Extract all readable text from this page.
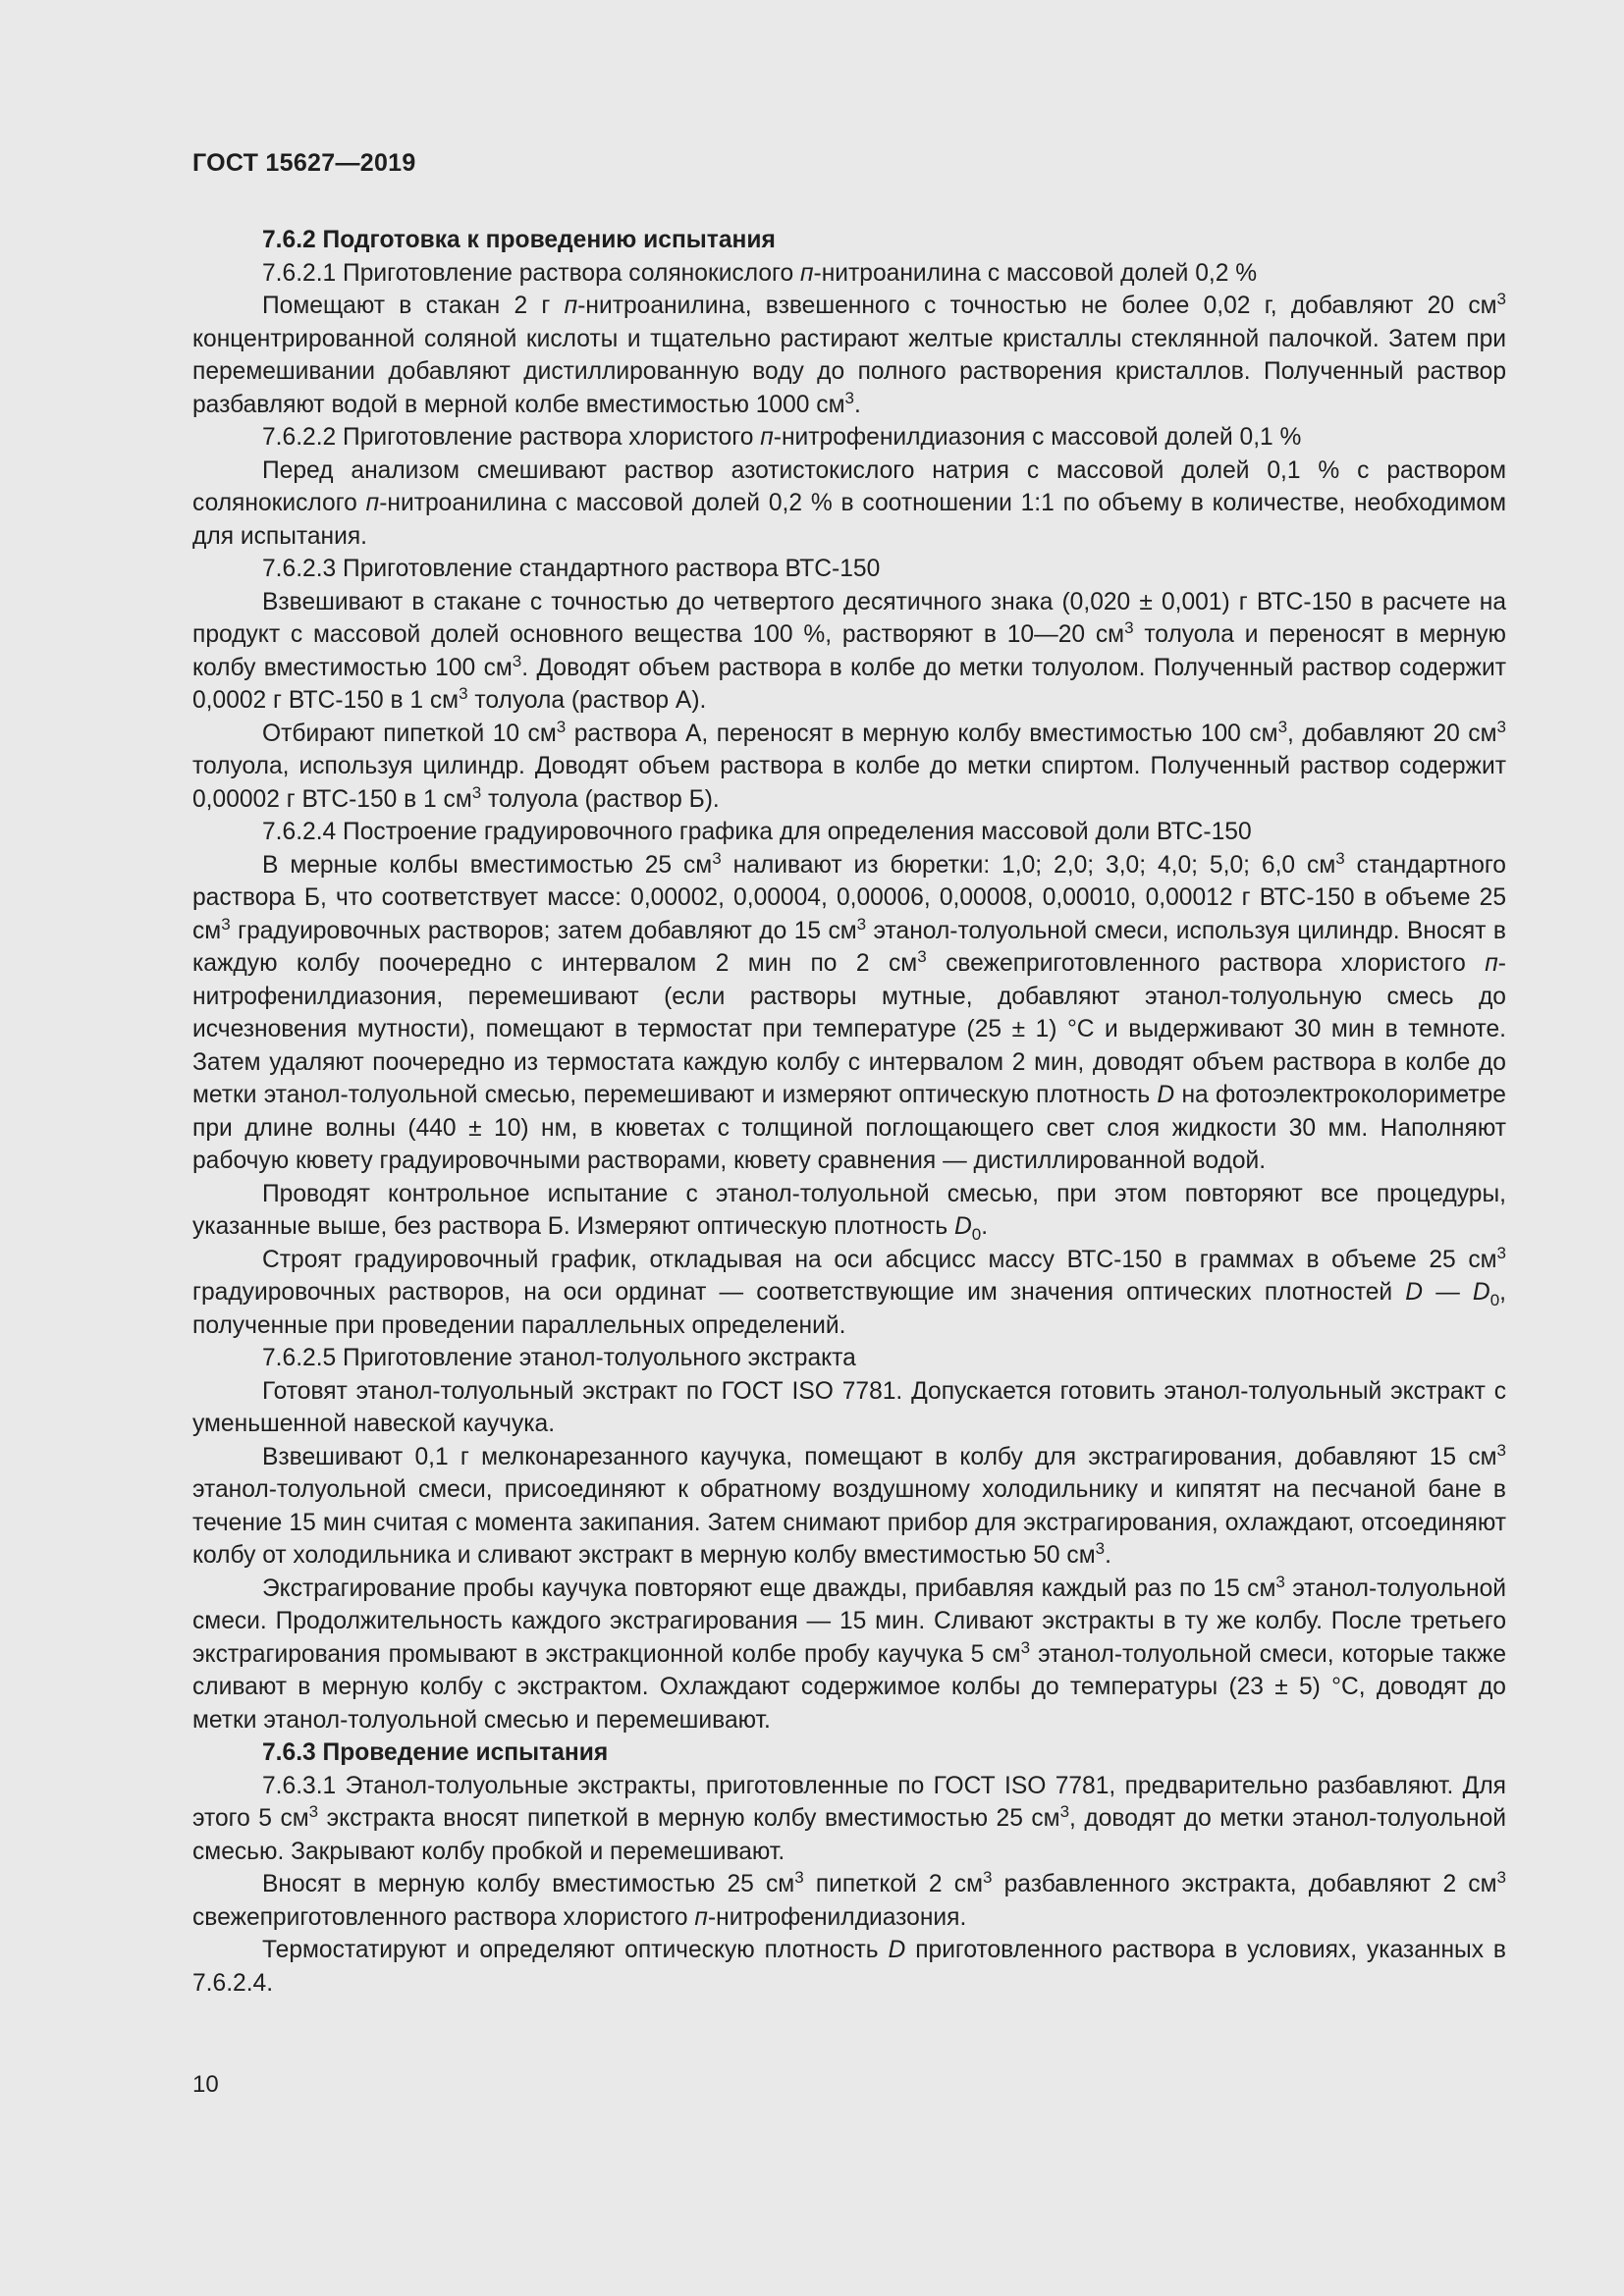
ГОСТ 15627—2019

7.6.2 Подготовка к проведению испытания

7.6.2.1 Приготовление раствора солянокислого п-нитроанилина с массовой долей 0,2 %

Помещают в стакан 2 г п-нитроанилина, взвешенного с точностью не более 0,02 г, добавляют 20 $см^3$ концентрированной соляной кислоты и тщательно растирают желтые кристаллы стеклянной палочкой. Затем при перемешивании добавляют дистиллированную воду до полного растворения кристаллов. Полученный раствор разбавляют водой в мерной колбе вместимостью 1000 $см^3$.

7.6.2.2 Приготовление раствора хлористого п-нитрофенилдиазония с массовой долей 0,1 %

Перед анализом смешивают раствор азотистокислого натрия с массовой долей 0,1 % с раствором солянокислого п-нитроанилина с массовой долей 0,2 % в соотношении 1:1 по объему в количестве, необходимом для испытания.

7.6.2.3 Приготовление стандартного раствора ВТС-150

Взвешивают в стакане с точностью до четвертого десятичного знака (0,020 ± 0,001) г ВТС-150 в расчете на продукт с массовой долей основного вещества 100 %, растворяют в 10—20 $см^3$ толуола и переносят в мерную колбу вместимостью 100 $см^3$. Доводят объем раствора в колбе до метки толуолом. Полученный раствор содержит 0,0002 г ВТС-150 в 1 $см^3$ толуола (раствор А).

Отбирают пипеткой 10 $см^3$ раствора А, переносят в мерную колбу вместимостью 100 $см^3$, добавляют 20 $см^3$ толуола, используя цилиндр. Доводят объем раствора в колбе до метки спиртом. Полученный раствор содержит 0,00002 г ВТС-150 в 1 $см^3$ толуола (раствор Б).

7.6.2.4 Построение градуировочного графика для определения массовой доли ВТС-150

В мерные колбы вместимостью 25 $см^3$ наливают из бюретки: 1,0; 2,0; 3,0; 4,0; 5,0; 6,0 $см^3$ стандартного раствора Б, что соответствует массе: 0,00002, 0,00004, 0,00006, 0,00008, 0,00010, 0,00012 г ВТС-150 в объеме 25 $см^3$ градуировочных растворов; затем добавляют до 15 $см^3$ этанол-толуольной смеси, используя цилиндр. Вносят в каждую колбу поочередно с интервалом 2 мин по 2 $см^3$ свежеприготовленного раствора хлористого п-нитрофенилдиазония, перемешивают (если растворы мутные, добавляют этанол-толуольную смесь до исчезновения мутности), помещают в термостат при температуре (25 ± 1) °С и выдерживают 30 мин в темноте. Затем удаляют поочередно из термостата каждую колбу с интервалом 2 мин, доводят объем раствора в колбе до метки этанол-толуольной смесью, перемешивают и измеряют оптическую плотность D на фотоэлектроколориметре при длине волны (440 ± 10) нм, в кюветах с толщиной поглощающего свет слоя жидкости 30 мм. Наполняют рабочую кювету градуировочными растворами, кювету сравнения — дистиллированной водой.

Проводят контрольное испытание с этанол-толуольной смесью, при этом повторяют все процедуры, указанные выше, без раствора Б. Измеряют оптическую плотность $D_0$.

Строят градуировочный график, откладывая на оси абсцисс массу ВТС-150 в граммах в объеме 25 $см^3$ градуировочных растворов, на оси ординат — соответствующие им значения оптических плотностей D — $D_0$, полученные при проведении параллельных определений.

7.6.2.5 Приготовление этанол-толуольного экстракта

Готовят этанол-толуольный экстракт по ГОСТ ISO 7781. Допускается готовить этанол-толуольный экстракт с уменьшенной навеской каучука.

Взвешивают 0,1 г мелконарезанного каучука, помещают в колбу для экстрагирования, добавляют 15 $см^3$ этанол-толуольной смеси, присоединяют к обратному воздушному холодильнику и кипятят на песчаной бане в течение 15 мин считая с момента закипания. Затем снимают прибор для экстрагирования, охлаждают, отсоединяют колбу от холодильника и сливают экстракт в мерную колбу вместимостью 50 $см^3$.

Экстрагирование пробы каучука повторяют еще дважды, прибавляя каждый раз по 15 $см^3$ этанол-толуольной смеси. Продолжительность каждого экстрагирования — 15 мин. Сливают экстракты в ту же колбу. После третьего экстрагирования промывают в экстракционной колбе пробу каучука 5 $см^3$ этанол-толуольной смеси, которые также сливают в мерную колбу с экстрактом. Охлаждают содержимое колбы до температуры (23 ± 5) °С, доводят до метки этанол-толуольной смесью и перемешивают.

7.6.3 Проведение испытания

7.6.3.1 Этанол-толуольные экстракты, приготовленные по ГОСТ ISO 7781, предварительно разбавляют. Для этого 5 $см^3$ экстракта вносят пипеткой в мерную колбу вместимостью 25 $см^3$, доводят до метки этанол-толуольной смесью. Закрывают колбу пробкой и перемешивают.

Вносят в мерную колбу вместимостью 25 $см^3$ пипеткой 2 $см^3$ разбавленного экстракта, добавляют 2 $см^3$ свежеприготовленного раствора хлористого п-нитрофенилдиазония.

Термостатируют и определяют оптическую плотность D приготовленного раствора в условиях, указанных в 7.6.2.4.

10
